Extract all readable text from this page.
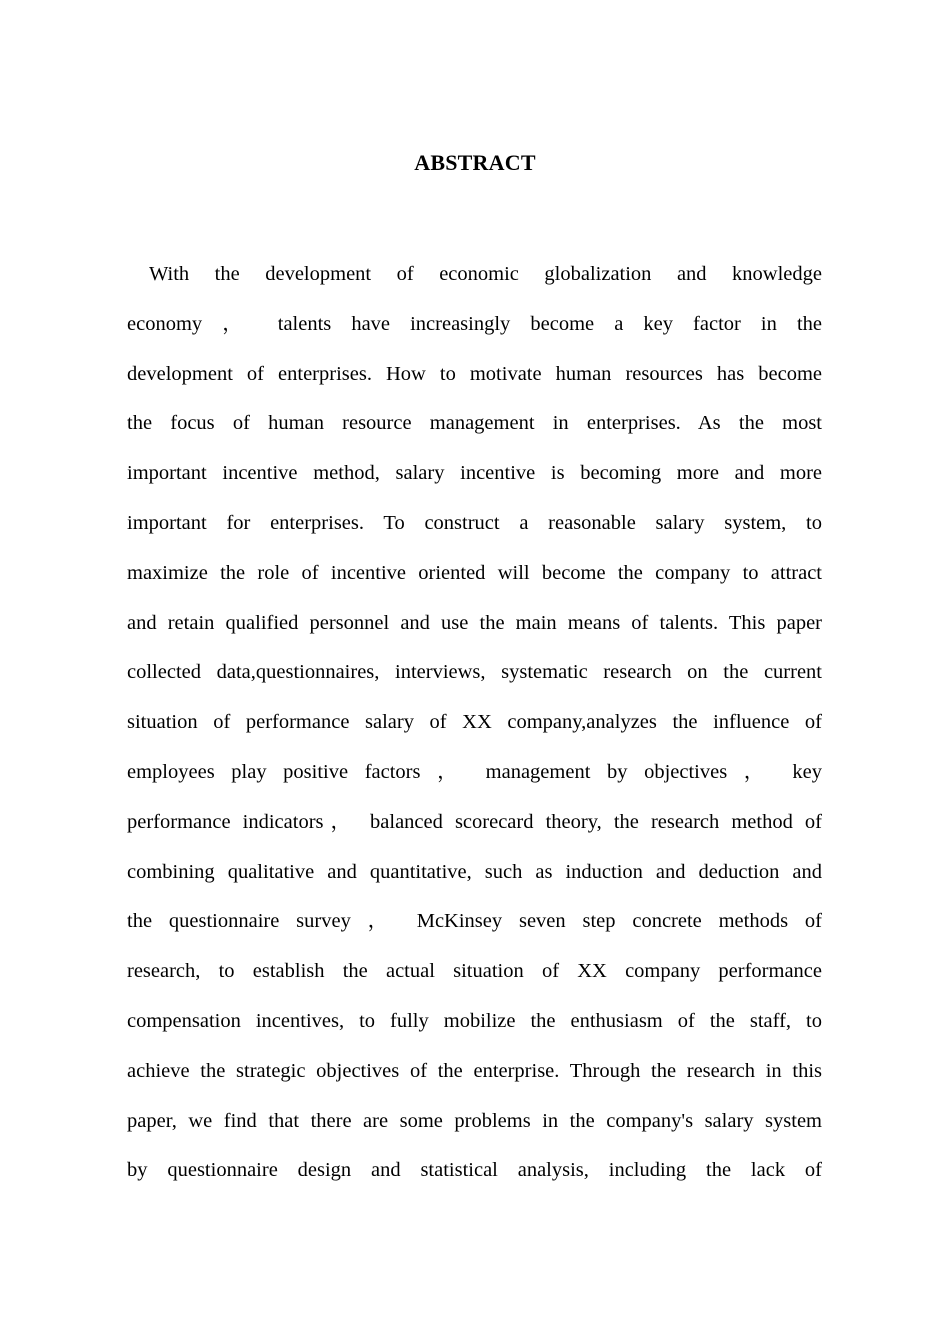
ABSTRACT
With the development of economic globalization and knowledge
economy ， talents have increasingly become a key factor in the
development of enterprises. How to motivate human resources has become
the focus of human resource management in enterprises. As the most
important incentive method, salary incentive is becoming more and more
important for enterprises. To construct a reasonable salary system, to
maximize the role of incentive oriented will become the company to attract
and retain qualified personnel and use the main means of talents. This paper
collected data,questionnaires, interviews, systematic research on the current
situation of performance salary of XX company,analyzes the influence of
employees play positive factors ， management by objectives ， key
performance indicators， balanced scorecard theory, the research method of
combining qualitative and quantitative, such as induction and deduction and
the questionnaire survey ， McKinsey seven step concrete methods of
research, to establish the actual situation of XX company performance
compensation incentives, to fully mobilize the enthusiasm of the staff, to
achieve the strategic objectives of the enterprise. Through the research in this
paper, we find that there are some problems in the company's salary system
by questionnaire design and statistical analysis, including the lack of
